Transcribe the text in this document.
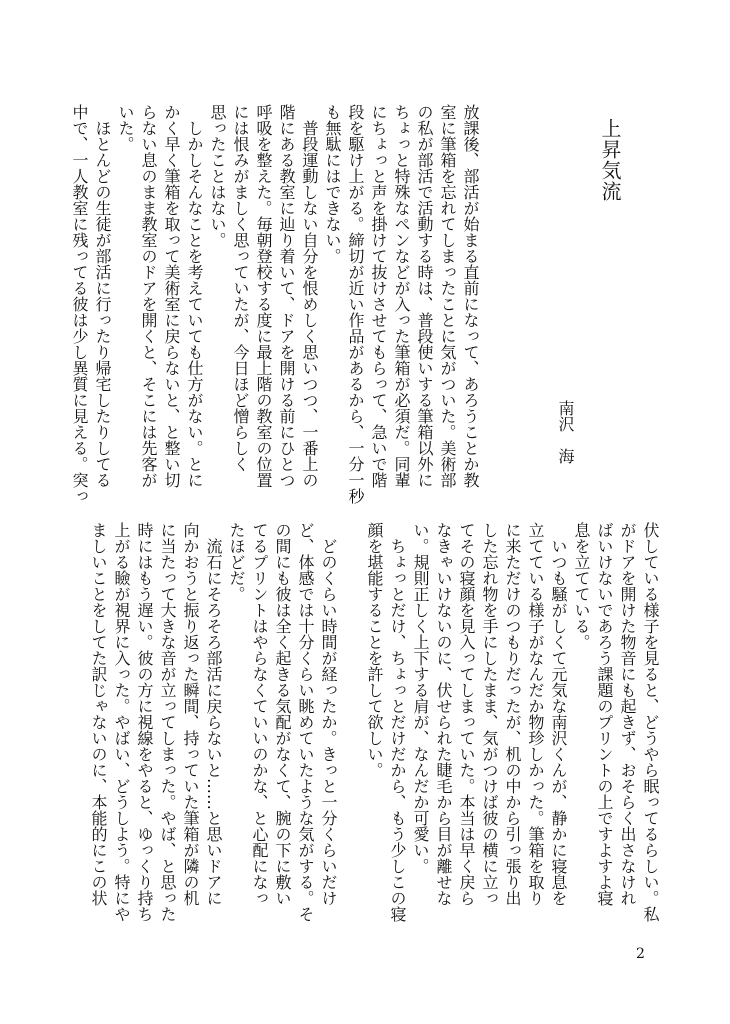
上昇気流
南沢　海
放課後、部活が始まる直前になって、あろうことか教
室に筆箱を忘れてしまったことに気がついた。美術部
の私が部活で活動する時は、普段使いする筆箱以外に
ちょっと特殊なペンなどが入った筆箱が必須だ。同輩
にちょっと声を掛けて抜けさせてもらって、急いで階
段を駆け上がる。締切が近い作品があるから、一分一秒
も無駄にはできない。
　普段運動しない自分を恨めしく思いつつ、一番上の
階にある教室に辿り着いて、ドアを開ける前にひとつ
呼吸を整えた。毎朝登校する度に最上階の教室の位置
には恨みがましく思っていたが、今日ほど憎らしく
思ったことはない。
　しかしそんなことを考えていても仕方がない。とに
かく早く筆箱を取って美術室に戻らないと、と整い切
らない息のまま教室のドアを開くと、そこには先客が
いた。
　ほとんどの生徒が部活に行ったり帰宅したりしてる
中で、一人教室に残ってる彼は少し異質に見える。突っ
伏している様子を見ると、どうやら眠ってるらしい。私
がドアを開けた物音にも起きず、おそらく出さなけれ
ばいけないであろう課題のプリントの上ですよすよ寝
息を立てている。
　いつも騒がしくて元気な南沢くんが、静かに寝息を
立てている様子がなんだか物珍しかった。筆箱を取り
に来ただけのつもりだったが、机の中から引っ張り出
した忘れ物を手にしたまま、気がつけば彼の横に立っ
てその寝顔を見入ってしまっていた。本当は早く戻ら
なきゃいけないのに、伏せられた睫毛から目が離せな
い。規則正しく上下する肩が、なんだか可愛い。
　ちょっとだけ、ちょっとだけだから、もう少しこの寝
顔を堪能することを許して欲しい。
　どのくらい時間が経ったか。きっと一分くらいだけ
ど、体感では十分くらい眺めていたような気がする。そ
の間にも彼は全く起きる気配がなくて、腕の下に敷い
てるプリントはやらなくていいのかな、と心配になっ
たほどだ。
　流石にそろそろ部活に戻らないと……と思いドアに
向かおうと振り返った瞬間、持っていた筆箱が隣の机
に当たって大きな音が立ってしまった。やば、と思った
時にはもう遅い。彼の方に視線をやると、ゆっくり持ち
上がる瞼が視界に入った。やばい、どうしよう。特にや
ましいことをしてた訳じゃないのに、本能的にこの状
2
